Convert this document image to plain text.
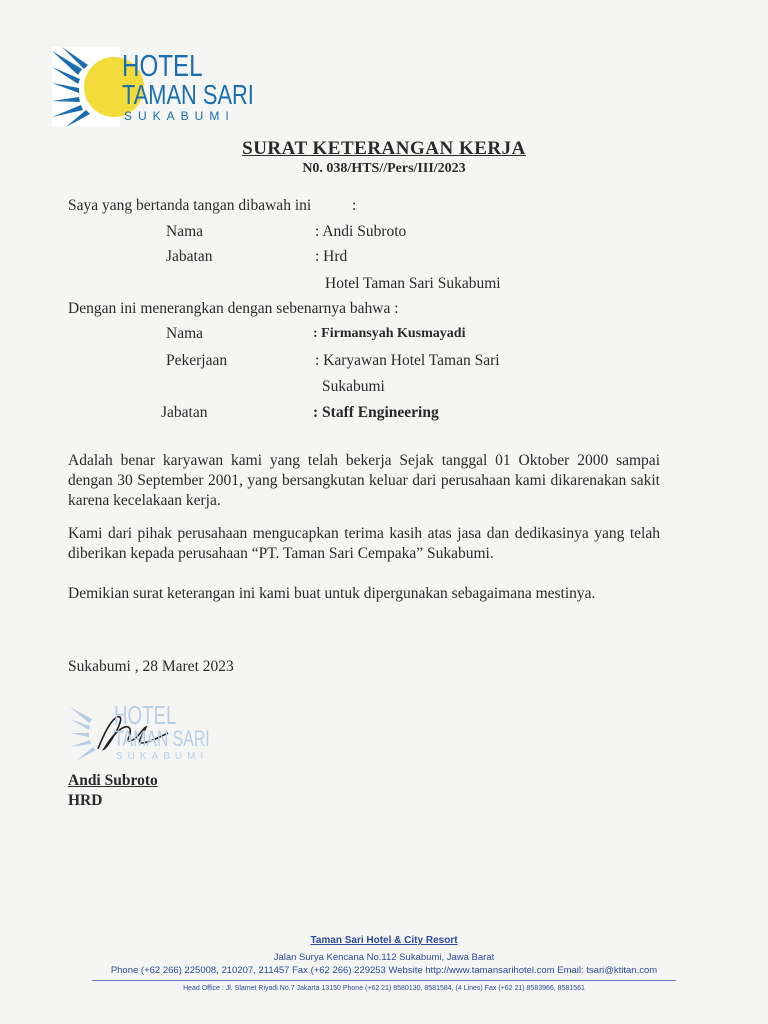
HOTEL
TAMAN SARI
SUKABUMI
SURAT KETERANGAN KERJA
N0. 038/HTS//Pers/III/2023
Saya yang bertanda tangan dibawah ini	:
Nama	: Andi Subroto
Jabatan	: Hrd
Hotel Taman Sari Sukabumi
Dengan ini menerangkan dengan sebenarnya bahwa :
Nama	: Firmansyah Kusmayadi
Pekerjaan	: Karyawan Hotel Taman Sari
Sukabumi
Jabatan	: Staff Engineering
Adalah benar karyawan kami yang telah bekerja Sejak tanggal 01 Oktober 2000 sampai dengan 30 September 2001, yang bersangkutan keluar dari perusahaan kami dikarenakan sakit karena kecelakaan kerja.
Kami dari pihak perusahaan mengucapkan terima kasih atas jasa dan dedikasinya yang telah diberikan kepada perusahaan “PT. Taman Sari Cempaka” Sukabumi.
Demikian surat keterangan ini kami buat untuk dipergunakan sebagaimana mestinya.
Sukabumi , 28 Maret 2023
HOTEL
TAMAN SARI
SUKABUMI
Andi Subroto
HRD
Taman Sari Hotel & City Resort
Jalan Surya Kencana No.112 Sukabumi, Jawa Barat
Phone (+62 266) 225008, 210207, 211457 Fax (+62 266) 229253 Website http://www.tamansarihotel.com Email: tsari@ktitan.com
Head Office : Jl. Slamet Riyadi No.7 Jakarta 13150 Phone (+62 21) 8580130, 8581584, (4 Lines) Fax (+62 21) 8583966, 8581561
